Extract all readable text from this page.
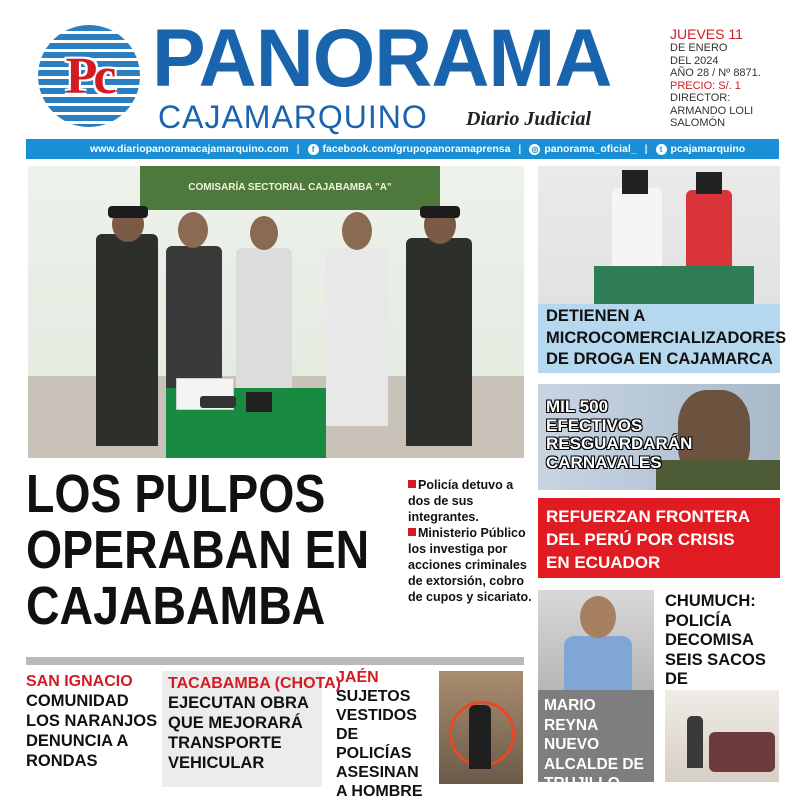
Pc PANORAMA
CAJAMARQUINO Diario Judicial
JUEVES 11
DE ENERO
DEL 2024
AÑO 28 / Nº 8871.
PRECIO: S/. 1
DIRECTOR:
ARMANDO LOLI
SALOMÓN
www.diariopanoramacajamarquino.com |	f facebook.com/grupopanoramaprensa | ◎ panorama_oficial_ |	t pcajamarquino
COMISARÍA SECTORIAL CAJABAMBA "A"
LOS PULPOS
OPERABAN EN
CAJABAMBA
Policía detuvo a dos de sus integrantes.
Ministerio Público los investiga por acciones criminales de extorsión, cobro de cupos y sicariato.
SAN IGNACIO
COMUNIDAD
LOS NARANJOS
DENUNCIA A
RONDAS
TACABAMBA (CHOTA)
EJECUTAN OBRA
QUE MEJORARÁ
TRANSPORTE
VEHICULAR
JAÉN
SUJETOS
VESTIDOS
DE POLICÍAS
ASESINAN
A HOMBRE
DETIENEN A
MICROCOMERCIALIZADORES
DE DROGA EN CAJAMARCA
MIL 500
EFECTIVOS
RESGUARDARÁN
CARNAVALES
REFUERZAN FRONTERA
DEL PERÚ POR CRISIS
EN ECUADOR
MARIO REYNA
NUEVO
ALCALDE DE
TRUJILLO
CHUMUCH:
POLICÍA
DECOMISA
SEIS SACOS DE
